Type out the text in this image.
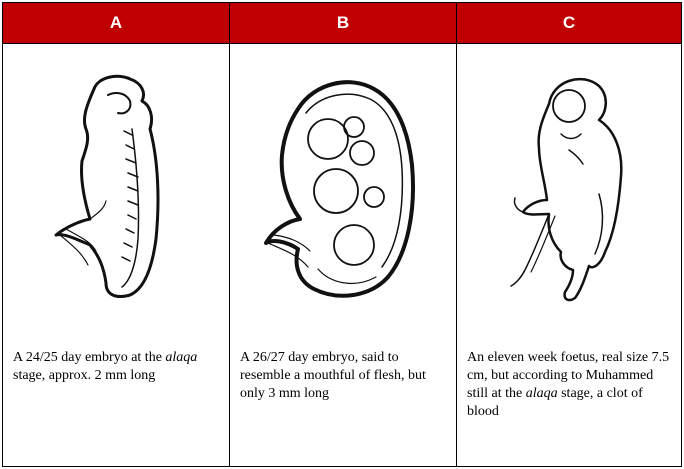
A	B	C
A 24/25 day embryo at the alaqa stage, approx. 2 mm long
A 26/27 day embryo, said to resemble a mouthful of flesh, but only 3 mm long
An eleven week foetus, real size 7.5 cm, but according to Muhammed still at the alaqa stage, a clot of blood
